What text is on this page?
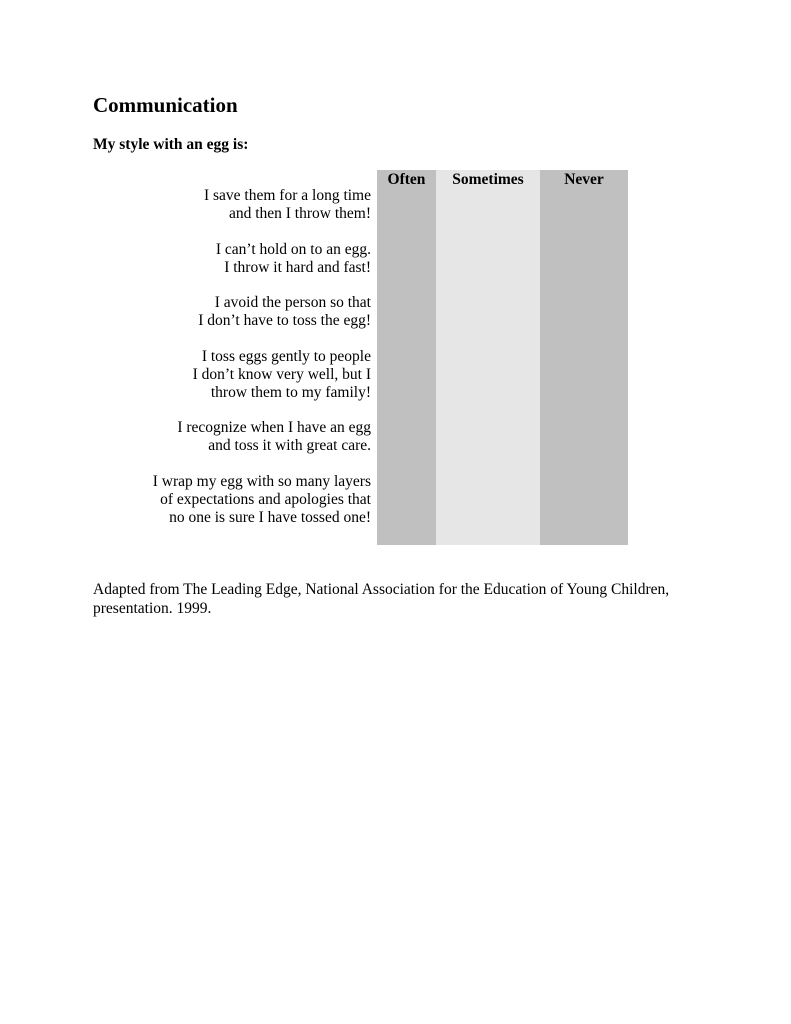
Communication
My style with an egg is:
Often	Sometimes	Never
I save them for a long time
and then I throw them!
I can’t hold on to an egg.
I throw it hard and fast!
I avoid the person so that
I don’t have to toss the egg!
I toss eggs gently to people
I don’t know very well, but I
throw them to my family!
I recognize when I have an egg
and toss it with great care.
I wrap my egg with so many layers
of expectations and apologies that
no one is sure I have tossed one!
Adapted from The Leading Edge, National Association for the Education of Young Children,
presentation. 1999.
